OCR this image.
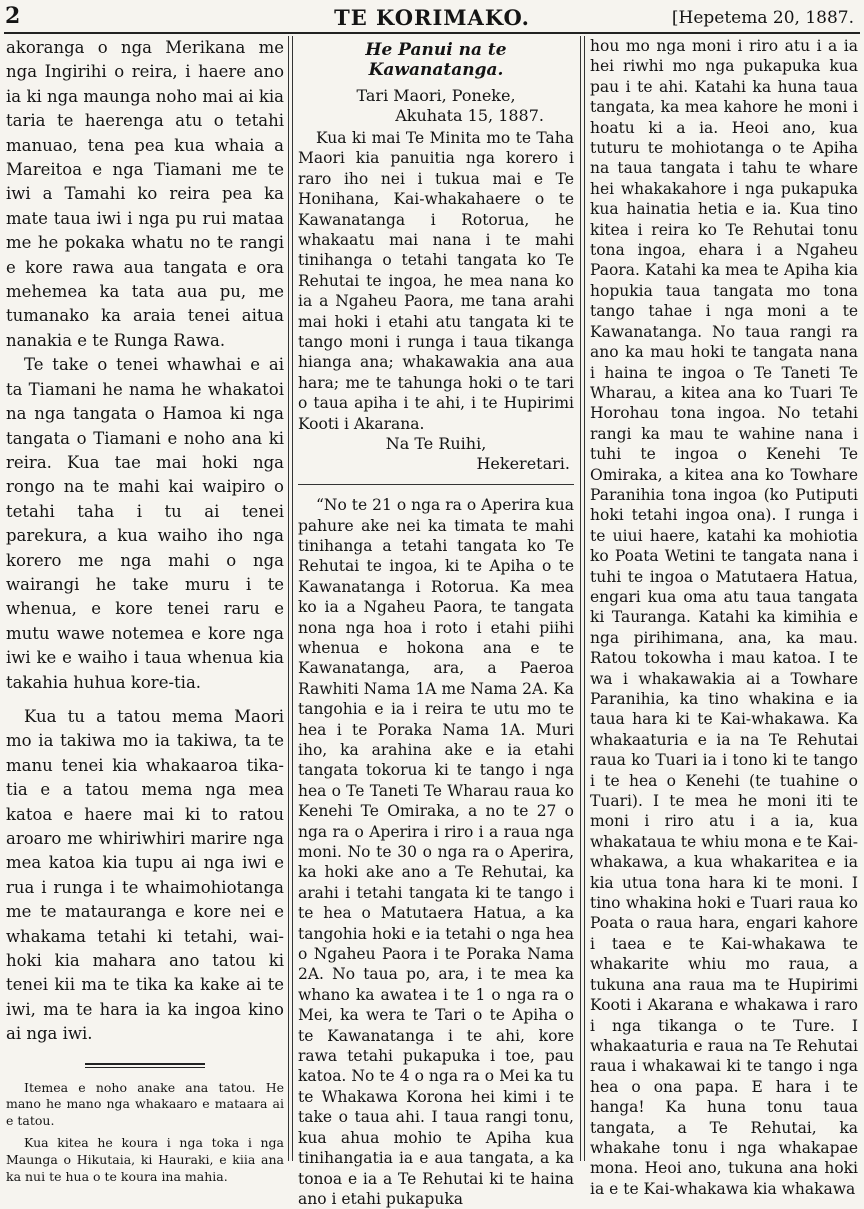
2	TE KORIMAKO.	[Hepetema 20, 1887.

akoranga o nga Merikana me nga Ingirihi o reira, i haere ano ia ki nga maunga noho mai ai kia taria te haerenga atu o tetahi manuao, tena pea kua whaia a Mareitoa e nga Tiamani me te iwi a Tamahi ko reira pea ka mate taua iwi i nga pu rui mataa me he pokaka whatu no te rangi e kore rawa aua tangata e ora mehemea ka tata aua pu, me tumanako ka araia tenei aitua nanakia e te Runga Rawa.

Te take o tenei whawhai e ai ta Tiamani he nama he whakatoi na nga tangata o Hamoa ki nga tangata o Tiamani e noho ana ki reira. Kua tae mai hoki nga rongo na te mahi kai waipiro o tetahi taha i tu ai tenei parekura, a kua waiho iho nga korero me nga mahi o nga wairangi he take muru i te whenua, e kore tenei raru e mutu wawe notemea e kore nga iwi ke e waiho i taua whenua kia takahia huhua kore-tia.

Kua tu a tatou mema Maori mo ia takiwa mo ia takiwa, ta te manu tenei kia whakaaroa tika-tia e a tatou mema nga mea katoa e haere mai ki to ratou aroaro me whiriwhiri marire nga mea katoa kia tupu ai nga iwi e rua i runga i te whaimohiotanga me te matauranga e kore nei e whakama tetahi ki tetahi, wai-hoki kia mahara ano tatou ki tenei kii ma te tika ka kake ai te iwi, ma te hara ia ka ingoa kino ai nga iwi.

Itemea e noho anake ana tatou. He mano he mano nga whakaaro e mataara ai e tatou.

Kua kitea he koura i nga toka i nga Maunga o Hikutaia, ki Hauraki, e kiia ana ka nui te hua o te koura ina mahia.

He Panui na te Kawanatanga.

Tari Maori, Poneke,

Akuhata 15, 1887.

Kua ki mai Te Minita mo te Taha Maori kia panuitia nga korero i raro iho nei i tukua mai e Te Honihana, Kai-whakahaere o te Kawanatanga i Rotorua, he whakaatu mai nana i te mahi tinihanga o tetahi tangata ko Te Rehutai te ingoa, he mea nana ko ia a Ngaheu Paora, me tana arahi mai hoki i etahi atu tangata ki te tango moni i runga i taua tikanga hianga ana; whakawakia ana aua hara; me te tahunga hoki o te tari o taua apiha i te ahi, i te Hupirimi Kooti i Akarana.

Na Te Ruihi,

Hekeretari.

“No te 21 o nga ra o Aperira kua pahure ake nei ka timata te mahi tinihanga a tetahi tangata ko Te Rehutai te ingoa, ki te Apiha o te Kawanatanga i Rotorua. Ka mea ko ia a Ngaheu Paora, te tangata nona nga hoa i roto i etahi piihi whenua e hokona ana e te Kawanatanga, ara, a Paeroa Rawhiti Nama 1A me Nama 2A. Ka tangohia e ia i reira te utu mo te hea i te Poraka Nama 1A. Muri iho, ka arahina ake e ia etahi tangata tokorua ki te tango i nga hea o Te Taneti Te Wharau raua ko Kenehi Te Omiraka, a no te 27 o nga ra o Aperira i riro i a raua nga moni. No te 30 o nga ra o Aperira, ka hoki ake ano a Te Rehutai, ka arahi i tetahi tangata ki te tango i te hea o Matutaera Hatua, a ka tangohia hoki e ia tetahi o nga hea o Ngaheu Paora i te Poraka Nama 2A. No taua po, ara, i te mea ka whano ka awatea i te 1 o nga ra o Mei, ka wera te Tari o te Apiha o te Kawanatanga i te ahi, kore rawa tetahi pukapuka i toe, pau katoa. No te 4 o nga ra o Mei ka tu te Whakawa Korona hei kimi i te take o taua ahi. I taua rangi tonu, kua ahua mohio te Apiha kua tinihangatia ia e aua tangata, a ka tonoa e ia a Te Rehutai ki te haina ano i etahi pukapuka

hou mo nga moni i riro atu i a ia hei riwhi mo nga pukapuka kua pau i te ahi. Katahi ka huna taua tangata, ka mea kahore he moni i hoatu ki a ia. Heoi ano, kua tuturu te mohiotanga o te Apiha na taua tangata i tahu te whare hei whakakahore i nga pukapuka kua hainatia hetia e ia. Kua tino kitea i reira ko Te Rehutai tonu tona ingoa, ehara i a Ngaheu Paora. Katahi ka mea te Apiha kia hopukia taua tangata mo tona tango tahae i nga moni a te Kawanatanga. No taua rangi ra ano ka mau hoki te tangata nana i haina te ingoa o Te Taneti Te Wharau, a kitea ana ko Tuari Te Horohau tona ingoa. No tetahi rangi ka mau te wahine nana i tuhi te ingoa o Kenehi Te Omiraka, a kitea ana ko Towhare Paranihia tona ingoa (ko Putiputi hoki tetahi ingoa ona). I runga i te uiui haere, katahi ka mohiotia ko Poata Wetini te tangata nana i tuhi te ingoa o Matutaera Hatua, engari kua oma atu taua tangata ki Tauranga. Katahi ka kimihia e nga pirihimana, ana, ka mau. Ratou tokowha i mau katoa. I te wa i whakawakia ai a Towhare Paranihia, ka tino whakina e ia taua hara ki te Kai-whakawa. Ka whakaaturia e ia na Te Rehutai raua ko Tuari ia i tono ki te tango i te hea o Kenehi (te tuahine o Tuari). I te mea he moni iti te moni i riro atu i a ia, kua whakataua te whiu mona e te Kai-whakawa, a kua whakaritea e ia kia utua tona hara ki te moni. I tino whakina hoki e Tuari raua ko Poata o raua hara, engari kahore i taea e te Kai-whakawa te whakarite whiu mo raua, a tukuna ana raua ma te Hupirimi Kooti i Akarana e whakawa i raro i nga tikanga o te Ture. I whakaaturia e raua na Te Rehutai raua i whakawai ki te tango i nga hea o ona papa. E hara i te hanga! Ka huna tonu taua tangata, a Te Rehutai, ka whakahe tonu i nga whakapae mona. Heoi ano, tukuna ana hoki ia e te Kai-whakawa kia whakawa
